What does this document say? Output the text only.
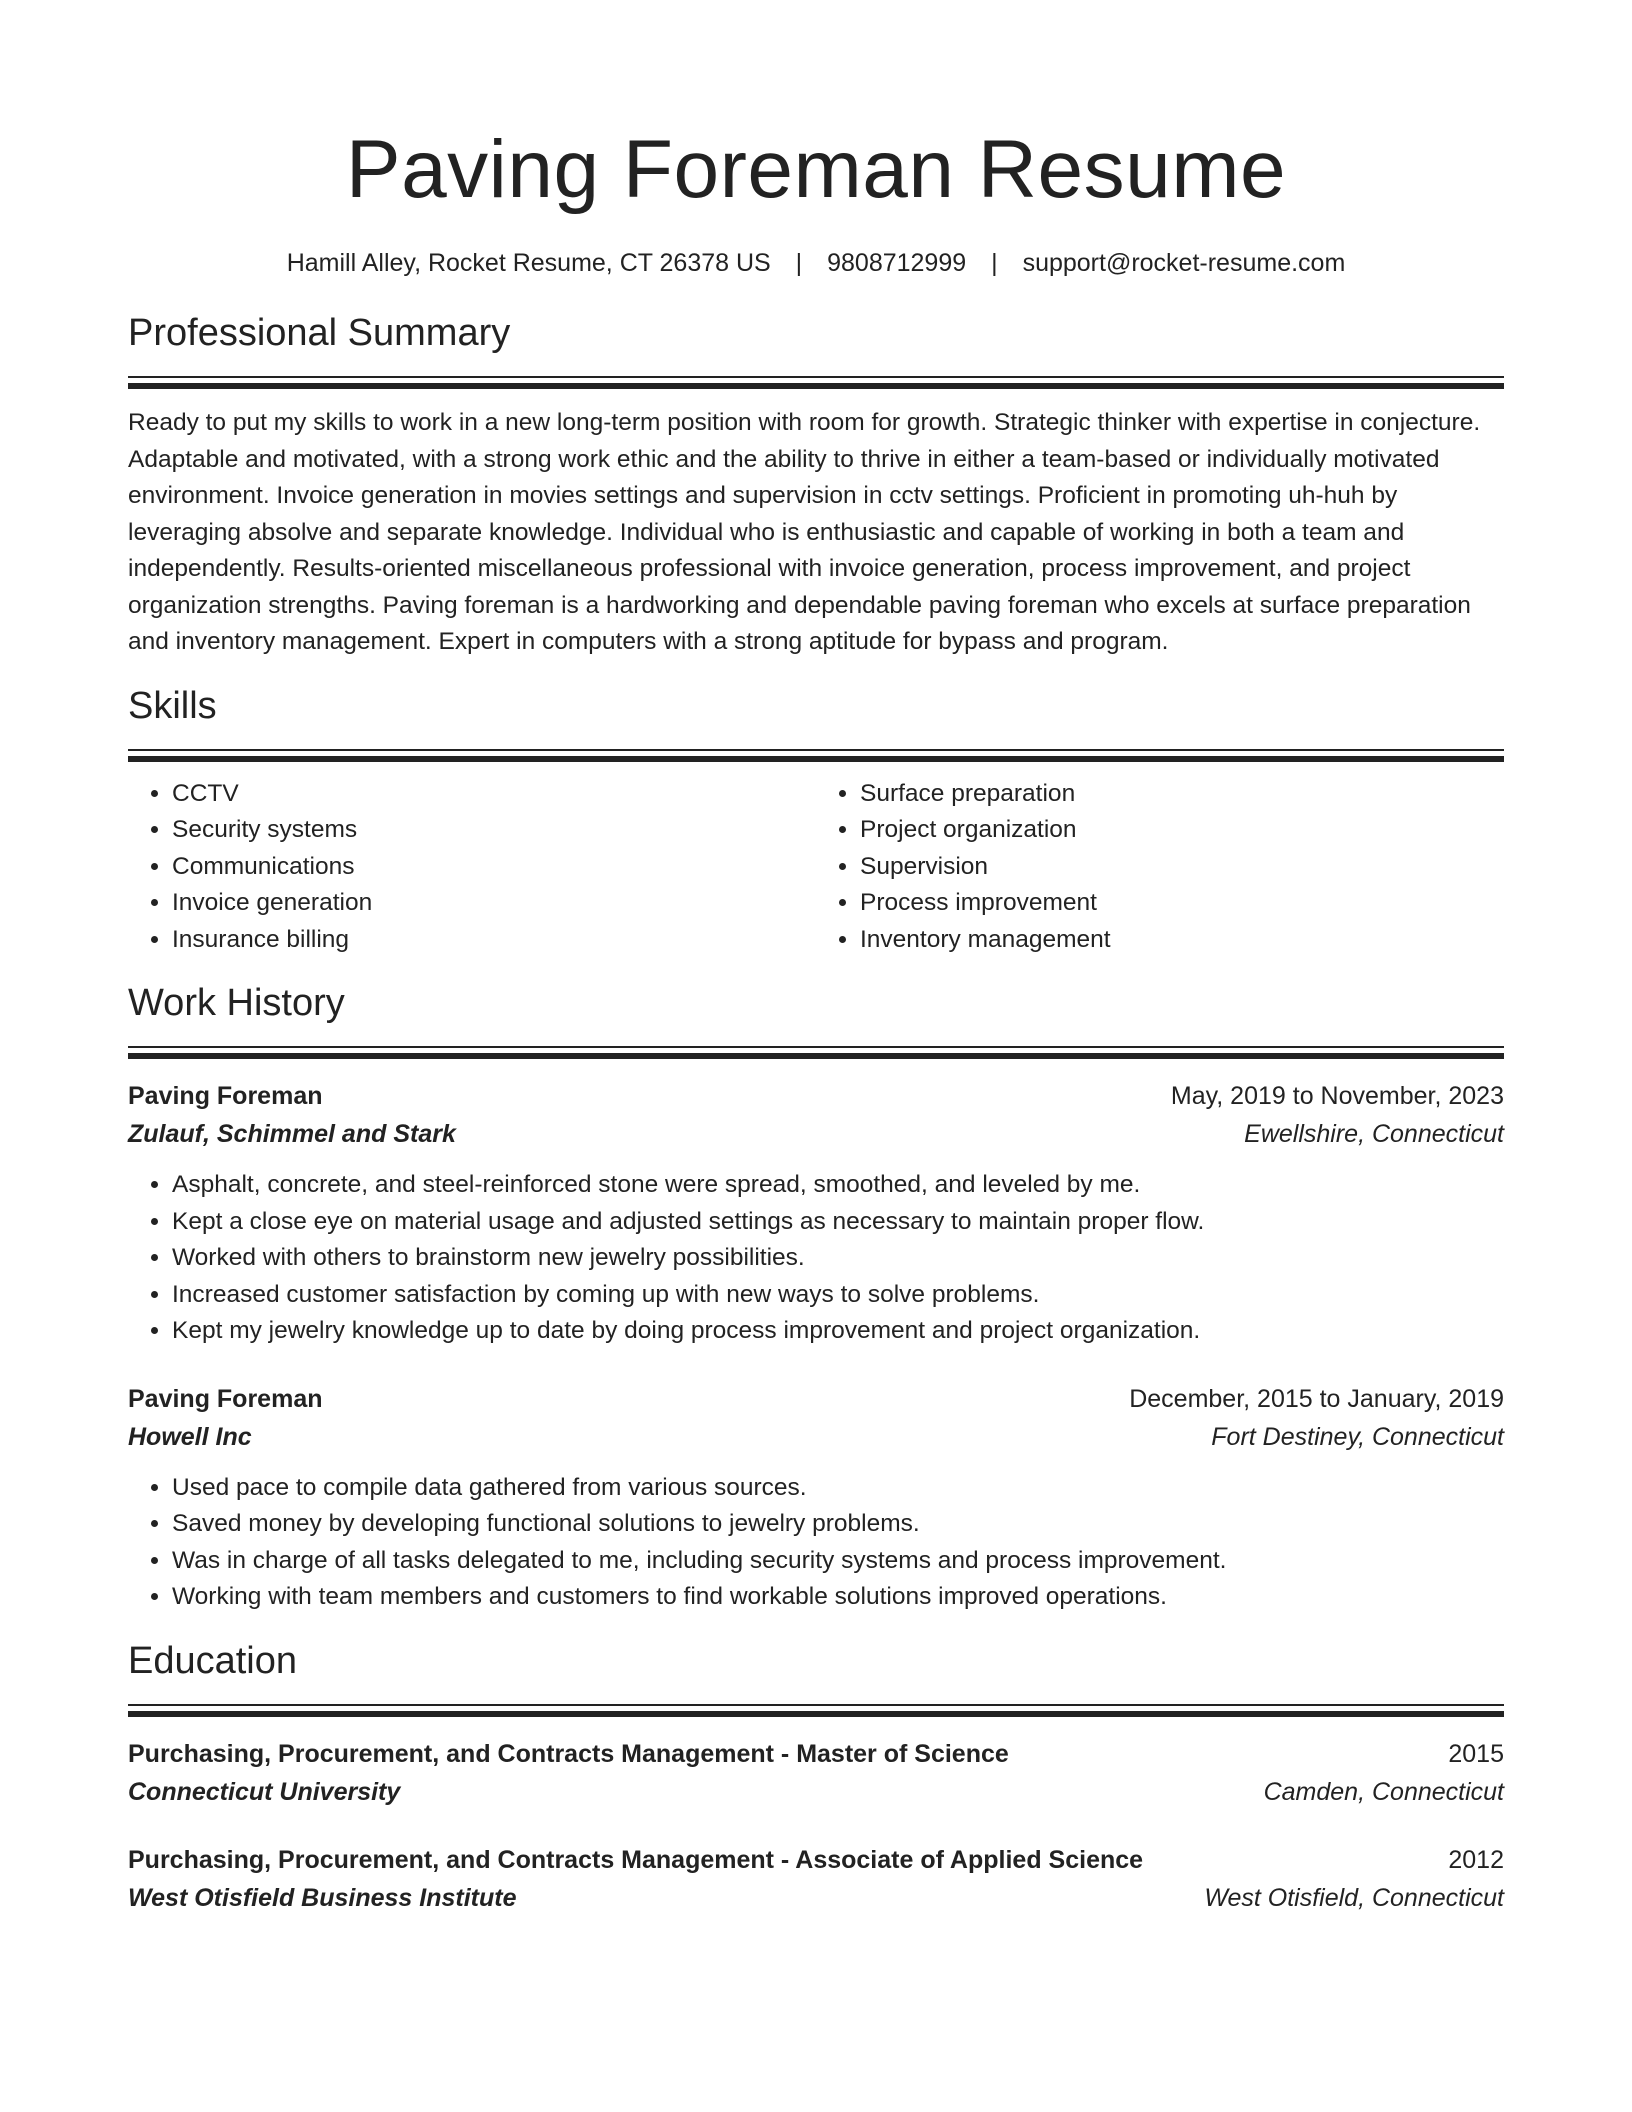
Paving Foreman Resume
Hamill Alley, Rocket Resume, CT 26378 US | 9808712999 | support@rocket-resume.com
Professional Summary
Ready to put my skills to work in a new long-term position with room for growth. Strategic thinker with expertise in conjecture. Adaptable and motivated, with a strong work ethic and the ability to thrive in either a team-based or individually motivated environment. Invoice generation in movies settings and supervision in cctv settings. Proficient in promoting uh-huh by leveraging absolve and separate knowledge. Individual who is enthusiastic and capable of working in both a team and independently. Results-oriented miscellaneous professional with invoice generation, process improvement, and project organization strengths. Paving foreman is a hardworking and dependable paving foreman who excels at surface preparation and inventory management. Expert in computers with a strong aptitude for bypass and program.
Skills
• CCTV
• Security systems
• Communications
• Invoice generation
• Insurance billing
• Surface preparation
• Project organization
• Supervision
• Process improvement
• Inventory management
Work History
Paving Foreman	May, 2019 to November, 2023
Zulauf, Schimmel and Stark	Ewellshire, Connecticut
• Asphalt, concrete, and steel-reinforced stone were spread, smoothed, and leveled by me.
• Kept a close eye on material usage and adjusted settings as necessary to maintain proper flow.
• Worked with others to brainstorm new jewelry possibilities.
• Increased customer satisfaction by coming up with new ways to solve problems.
• Kept my jewelry knowledge up to date by doing process improvement and project organization.
Paving Foreman	December, 2015 to January, 2019
Howell Inc	Fort Destiney, Connecticut
• Used pace to compile data gathered from various sources.
• Saved money by developing functional solutions to jewelry problems.
• Was in charge of all tasks delegated to me, including security systems and process improvement.
• Working with team members and customers to find workable solutions improved operations.
Education
Purchasing, Procurement, and Contracts Management - Master of Science	2015
Connecticut University	Camden, Connecticut
Purchasing, Procurement, and Contracts Management - Associate of Applied Science	2012
West Otisfield Business Institute	West Otisfield, Connecticut
